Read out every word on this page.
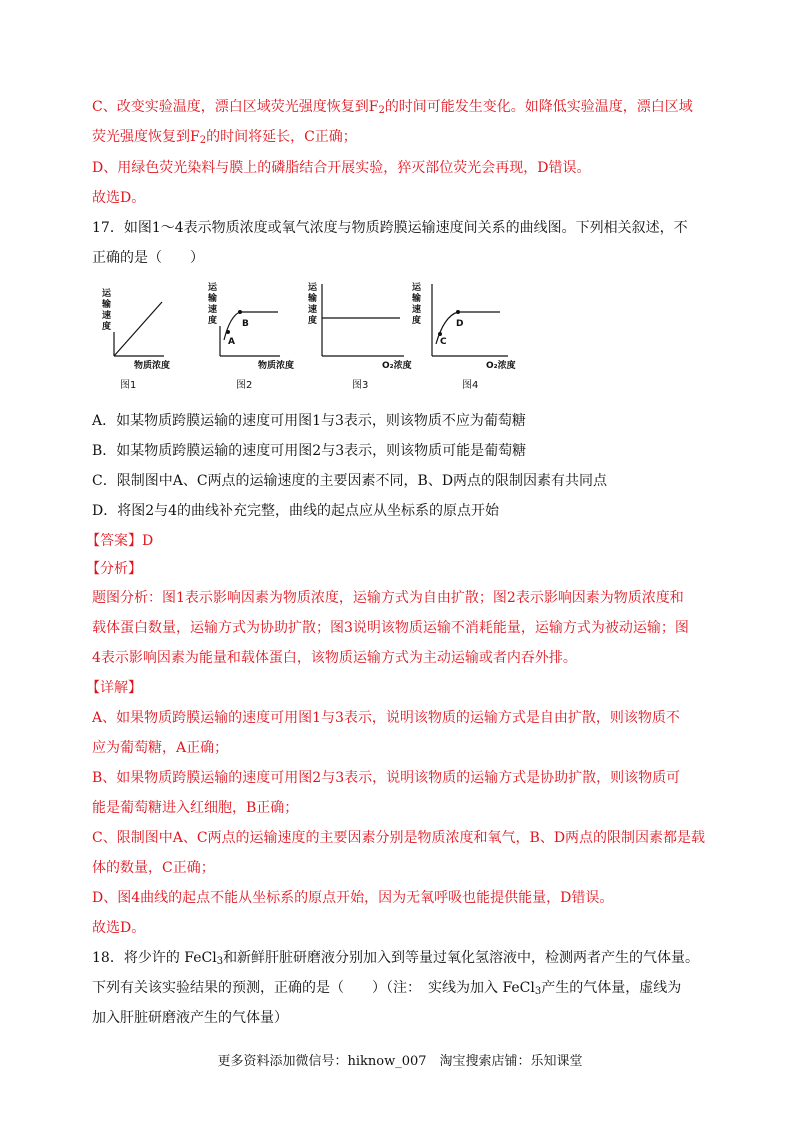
C、改变实验温度，漂白区域荧光强度恢复到$F_2$的时间可能发生变化。如降低实验温度，漂白区域
荧光强度恢复到$F_2$的时间将延长，C正确；
D、用绿色荧光染料与膜上的磷脂结合开展实验，猝灭部位荧光会再现，D错误。
故选D。
17．如图1～4表示物质浓度或氧气浓度与物质跨膜运输速度间关系的曲线图。下列相关叙述，不
正确的是（　　）
运
输
速
度
物质浓度
图1
运
输
速
度
A
B
物质浓度
图2
运
输
速
度
O₂浓度
图3
运
输
速
度
C
D
O₂浓度
图4
A．如某物质跨膜运输的速度可用图1与3表示，则该物质不应为葡萄糖
B．如某物质跨膜运输的速度可用图2与3表示，则该物质可能是葡萄糖
C．限制图中A、C两点的运输速度的主要因素不同，B、D两点的限制因素有共同点
D．将图2与4的曲线补充完整，曲线的起点应从坐标系的原点开始
【答案】D
【分析】
题图分析：图1表示影响因素为物质浓度，运输方式为自由扩散；图2表示影响因素为物质浓度和
载体蛋白数量，运输方式为协助扩散；图3说明该物质运输不消耗能量，运输方式为被动运输；图
4表示影响因素为能量和载体蛋白，该物质运输方式为主动运输或者内吞外排。
【详解】
A、如果物质跨膜运输的速度可用图1与3表示，说明该物质的运输方式是自由扩散，则该物质不
应为葡萄糖，A正确；
B、如果物质跨膜运输的速度可用图2与3表示，说明该物质的运输方式是协助扩散，则该物质可
能是葡萄糖进入红细胞，B正确；
C、限制图中A、C两点的运输速度的主要因素分别是物质浓度和氧气，B、D两点的限制因素都是载
体的数量，C正确；
D、图4曲线的起点不能从坐标系的原点开始，因为无氧呼吸也能提供能量，D错误。
故选D。
18．将少许的 FeCl$_3$和新鲜肝脏研磨液分别加入到等量过氧化氢溶液中，检测两者产生的气体量。
下列有关该实验结果的预测，正确的是（　　）（注：　实线为加入 FeCl$_3$产生的气体量，虚线为
加入肝脏研磨液产生的气体量）
更多资料添加微信号：hiknow_007　淘宝搜索店铺：乐知课堂
